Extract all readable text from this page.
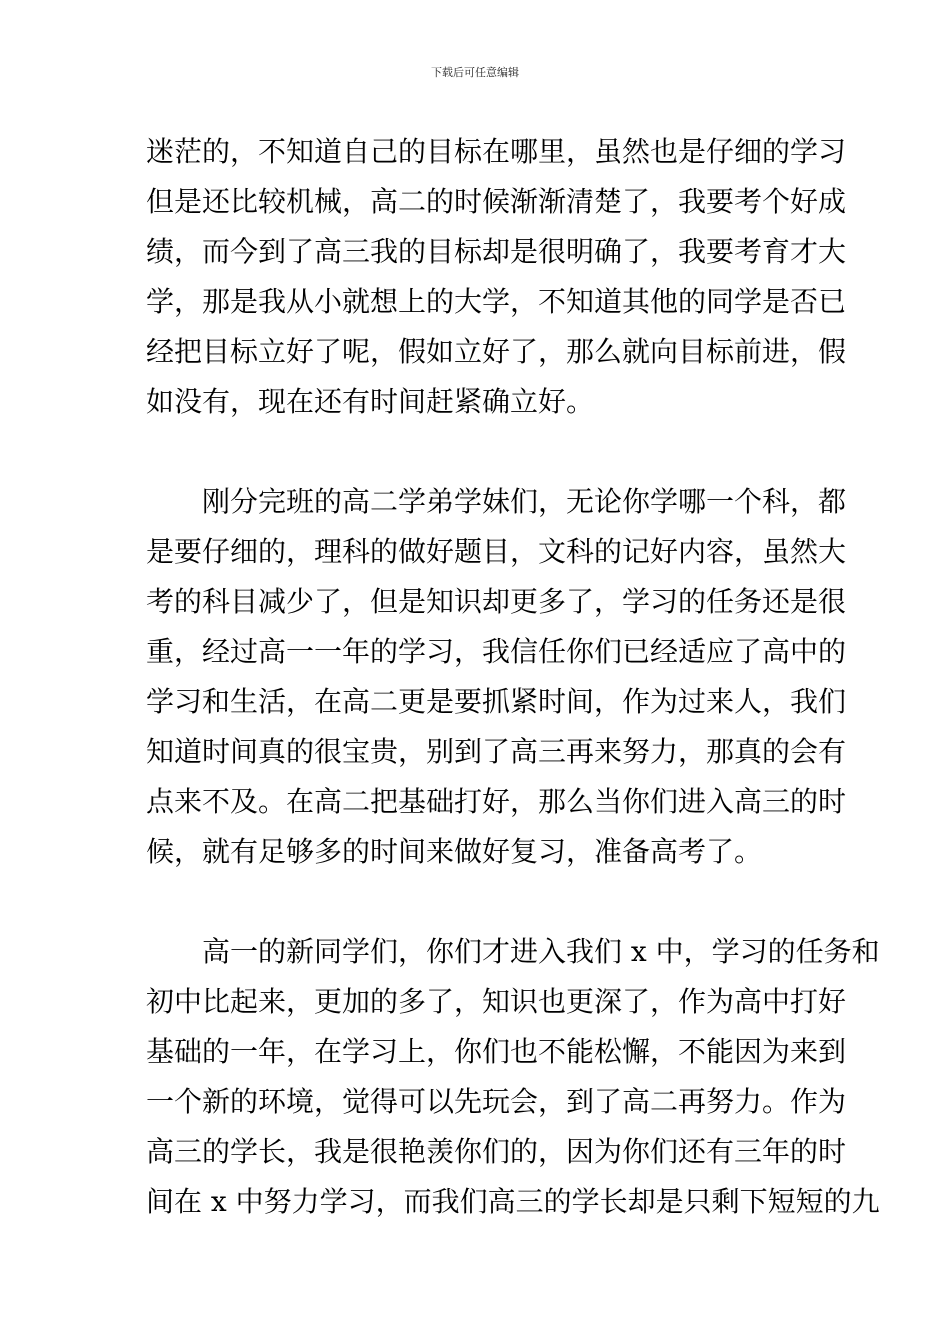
下载后可任意编辑
迷茫的，不知道自己的目标在哪里，虽然也是仔细的学习
但是还比较机械，高二的时候渐渐清楚了，我要考个好成
绩，而今到了高三我的目标却是很明确了，我要考育才大
学，那是我从小就想上的大学，不知道其他的同学是否已
经把目标立好了呢，假如立好了，那么就向目标前进，假
如没有，现在还有时间赶紧确立好。
刚分完班的高二学弟学妹们，无论你学哪一个科，都
是要仔细的，理科的做好题目，文科的记好内容，虽然大
考的科目减少了，但是知识却更多了，学习的任务还是很
重，经过高一一年的学习，我信任你们已经适应了高中的
学习和生活，在高二更是要抓紧时间，作为过来人，我们
知道时间真的很宝贵，别到了高三再来努力，那真的会有
点来不及。在高二把基础打好，那么当你们进入高三的时
候，就有足够多的时间来做好复习，准备高考了。
高一的新同学们，你们才进入我们 x 中，学习的任务和
初中比起来，更加的多了，知识也更深了，作为高中打好
基础的一年，在学习上，你们也不能松懈，不能因为来到
一个新的环境，觉得可以先玩会，到了高二再努力。作为
高三的学长，我是很艳羡你们的，因为你们还有三年的时
间在 x 中努力学习，而我们高三的学长却是只剩下短短的九
